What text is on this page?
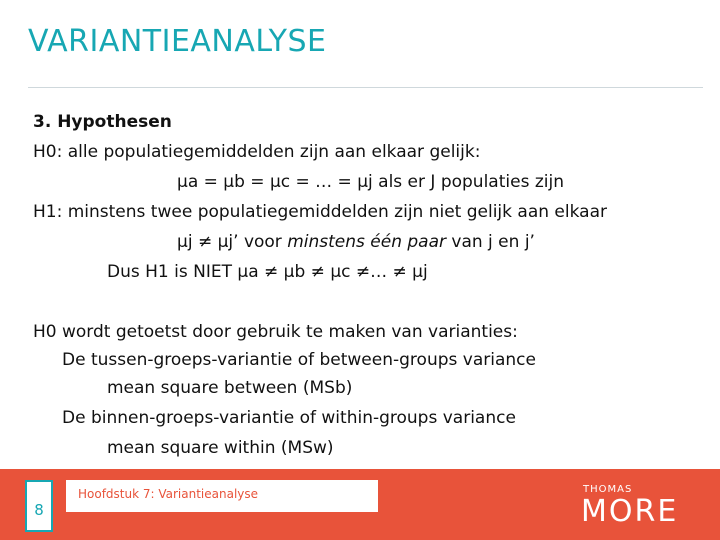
VARIANTIEANALYSE
3. Hypothesen
H0: alle populatiegemiddelden zijn aan elkaar gelijk:
μa = μb = μc = … = μj als er J populaties zijn
H1: minstens twee populatiegemiddelden zijn niet gelijk aan elkaar
μj ≠ μj’ voor minstens één paar van j en j’
Dus H1 is NIET μa ≠ μb ≠ μc ≠… ≠ μj
H0 wordt getoetst door gebruik te maken van varianties:
De tussen-groeps-variantie of between-groups variance
mean square between (MSb)
De binnen-groeps-variantie of within-groups variance
mean square within (MSw)
Hoofdstuk 7: Variantieanalyse
8
THOMAS
MORE
